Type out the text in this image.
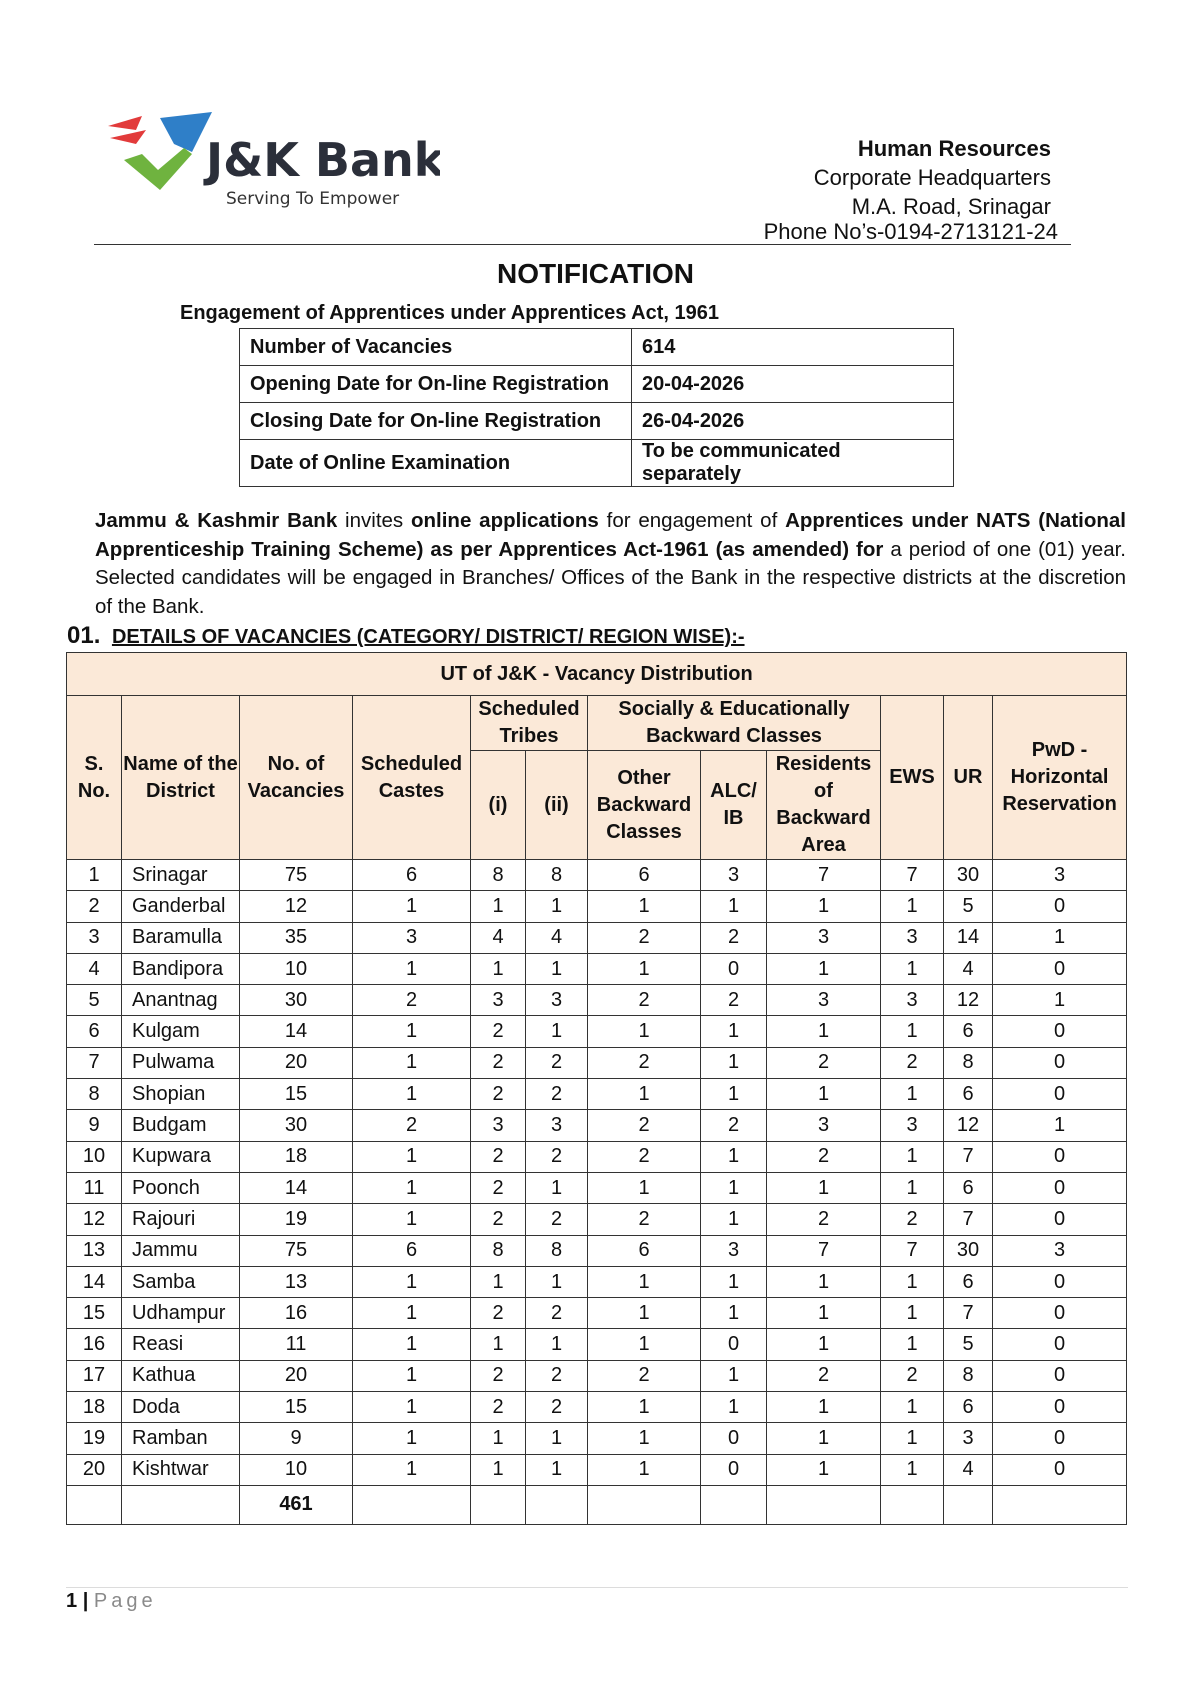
J&K Bank
Serving To Empower
Human Resources
Corporate Headquarters
M.A. Road, Srinagar
Phone No’s-0194-2713121-24
NOTIFICATION
Engagement of Apprentices under Apprentices Act, 1961
Number of Vacancies	614
Opening Date for On-line Registration	20-04-2026
Closing Date for On-line Registration	26-04-2026
Date of Online Examination	To be communicated separately
Jammu & Kashmir Bank invites online applications for engagement of Apprentices under NATS (National Apprenticeship Training Scheme) as per Apprentices Act-1961 (as amended) for a period of one (01) year. Selected candidates will be engaged in Branches/ Offices of the Bank in the respective districts at the discretion of the Bank.
01. DETAILS OF VACANCIES (CATEGORY/ DISTRICT/ REGION WISE):-
UT of J&K - Vacancy Distribution											
S. No.	Name of the District	No. of Vacancies	Scheduled Castes	Scheduled Tribes		Socially & Educationally Backward Classes			EWS	UR	PwD - Horizontal Reservation
				(i)	(ii)	Other Backward Classes	ALC/ IB	Residents of Backward Area			
1	Srinagar	75	6	8	8	6	3	7	7	30	3
2	Ganderbal	12	1	1	1	1	1	1	1	5	0
3	Baramulla	35	3	4	4	2	2	3	3	14	1
4	Bandipora	10	1	1	1	1	0	1	1	4	0
5	Anantnag	30	2	3	3	2	2	3	3	12	1
6	Kulgam	14	1	2	1	1	1	1	1	6	0
7	Pulwama	20	1	2	2	2	1	2	2	8	0
8	Shopian	15	1	2	2	1	1	1	1	6	0
9	Budgam	30	2	3	3	2	2	3	3	12	1
10	Kupwara	18	1	2	2	2	1	2	1	7	0
11	Poonch	14	1	2	1	1	1	1	1	6	0
12	Rajouri	19	1	2	2	2	1	2	2	7	0
13	Jammu	75	6	8	8	6	3	7	7	30	3
14	Samba	13	1	1	1	1	1	1	1	6	0
15	Udhampur	16	1	2	2	1	1	1	1	7	0
16	Reasi	11	1	1	1	1	0	1	1	5	0
17	Kathua	20	1	2	2	2	1	2	2	8	0
18	Doda	15	1	2	2	1	1	1	1	6	0
19	Ramban	9	1	1	1	1	0	1	1	3	0
20	Kishtwar	10	1	1	1	1	0	1	1	4	0
		461									
1 | Page
